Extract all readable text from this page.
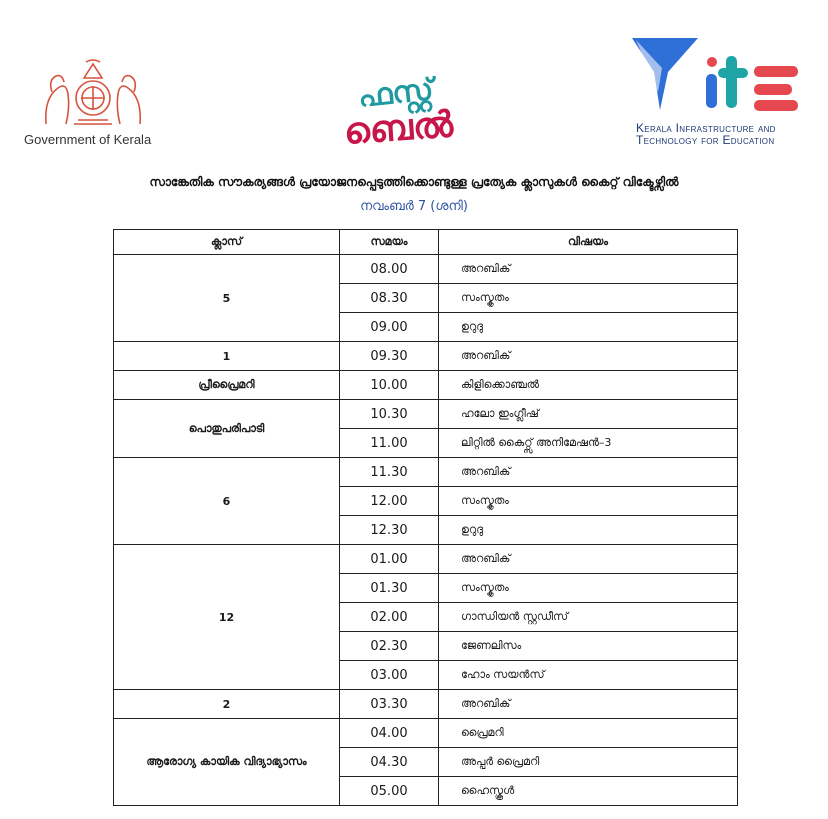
Government of Kerala
ഫസ്റ്റ്
ബെൽ	Kerala Infrastructure and
Technology for Education
സാങ്കേതിക സൗകര്യങ്ങൾ പ്രയോജനപ്പെടുത്തിക്കൊണ്ടുള്ള പ്രത്യേക ക്ലാസുകൾ കൈറ്റ് വിക്ടേഴ്സിൽ
നവംബർ 7 (ശനി)
ക്ലാസ്	സമയം	വിഷയം
5	08.00	അറബിക്
	08.30	സംസ്കൃതം
	09.00	ഉറുദു
1	09.30	അറബിക്
പ്രീപ്രൈമറി	10.00	കിളിക്കൊഞ്ചൽ
പൊതുപരിപാടി	10.30	ഹലോ ഇംഗ്ലീഷ്
	11.00	ലിറ്റിൽ കൈറ്റ്സ് അനിമേഷൻ–3
6	11.30	അറബിക്
	12.00	സംസ്കൃതം
	12.30	ഉറുദു
12	01.00	അറബിക്
	01.30	സംസ്കൃതം
	02.00	ഗാന്ധിയൻ സ്റ്റഡീസ്
	02.30	ജേണലിസം
	03.00	ഹോം സയൻസ്
2	03.30	അറബിക്
ആരോഗ്യ കായിക വിദ്യാഭ്യാസം	04.00	പ്രൈമറി
	04.30	അപ്പർ പ്രൈമറി
	05.00	ഹൈസ്കൂൾ
